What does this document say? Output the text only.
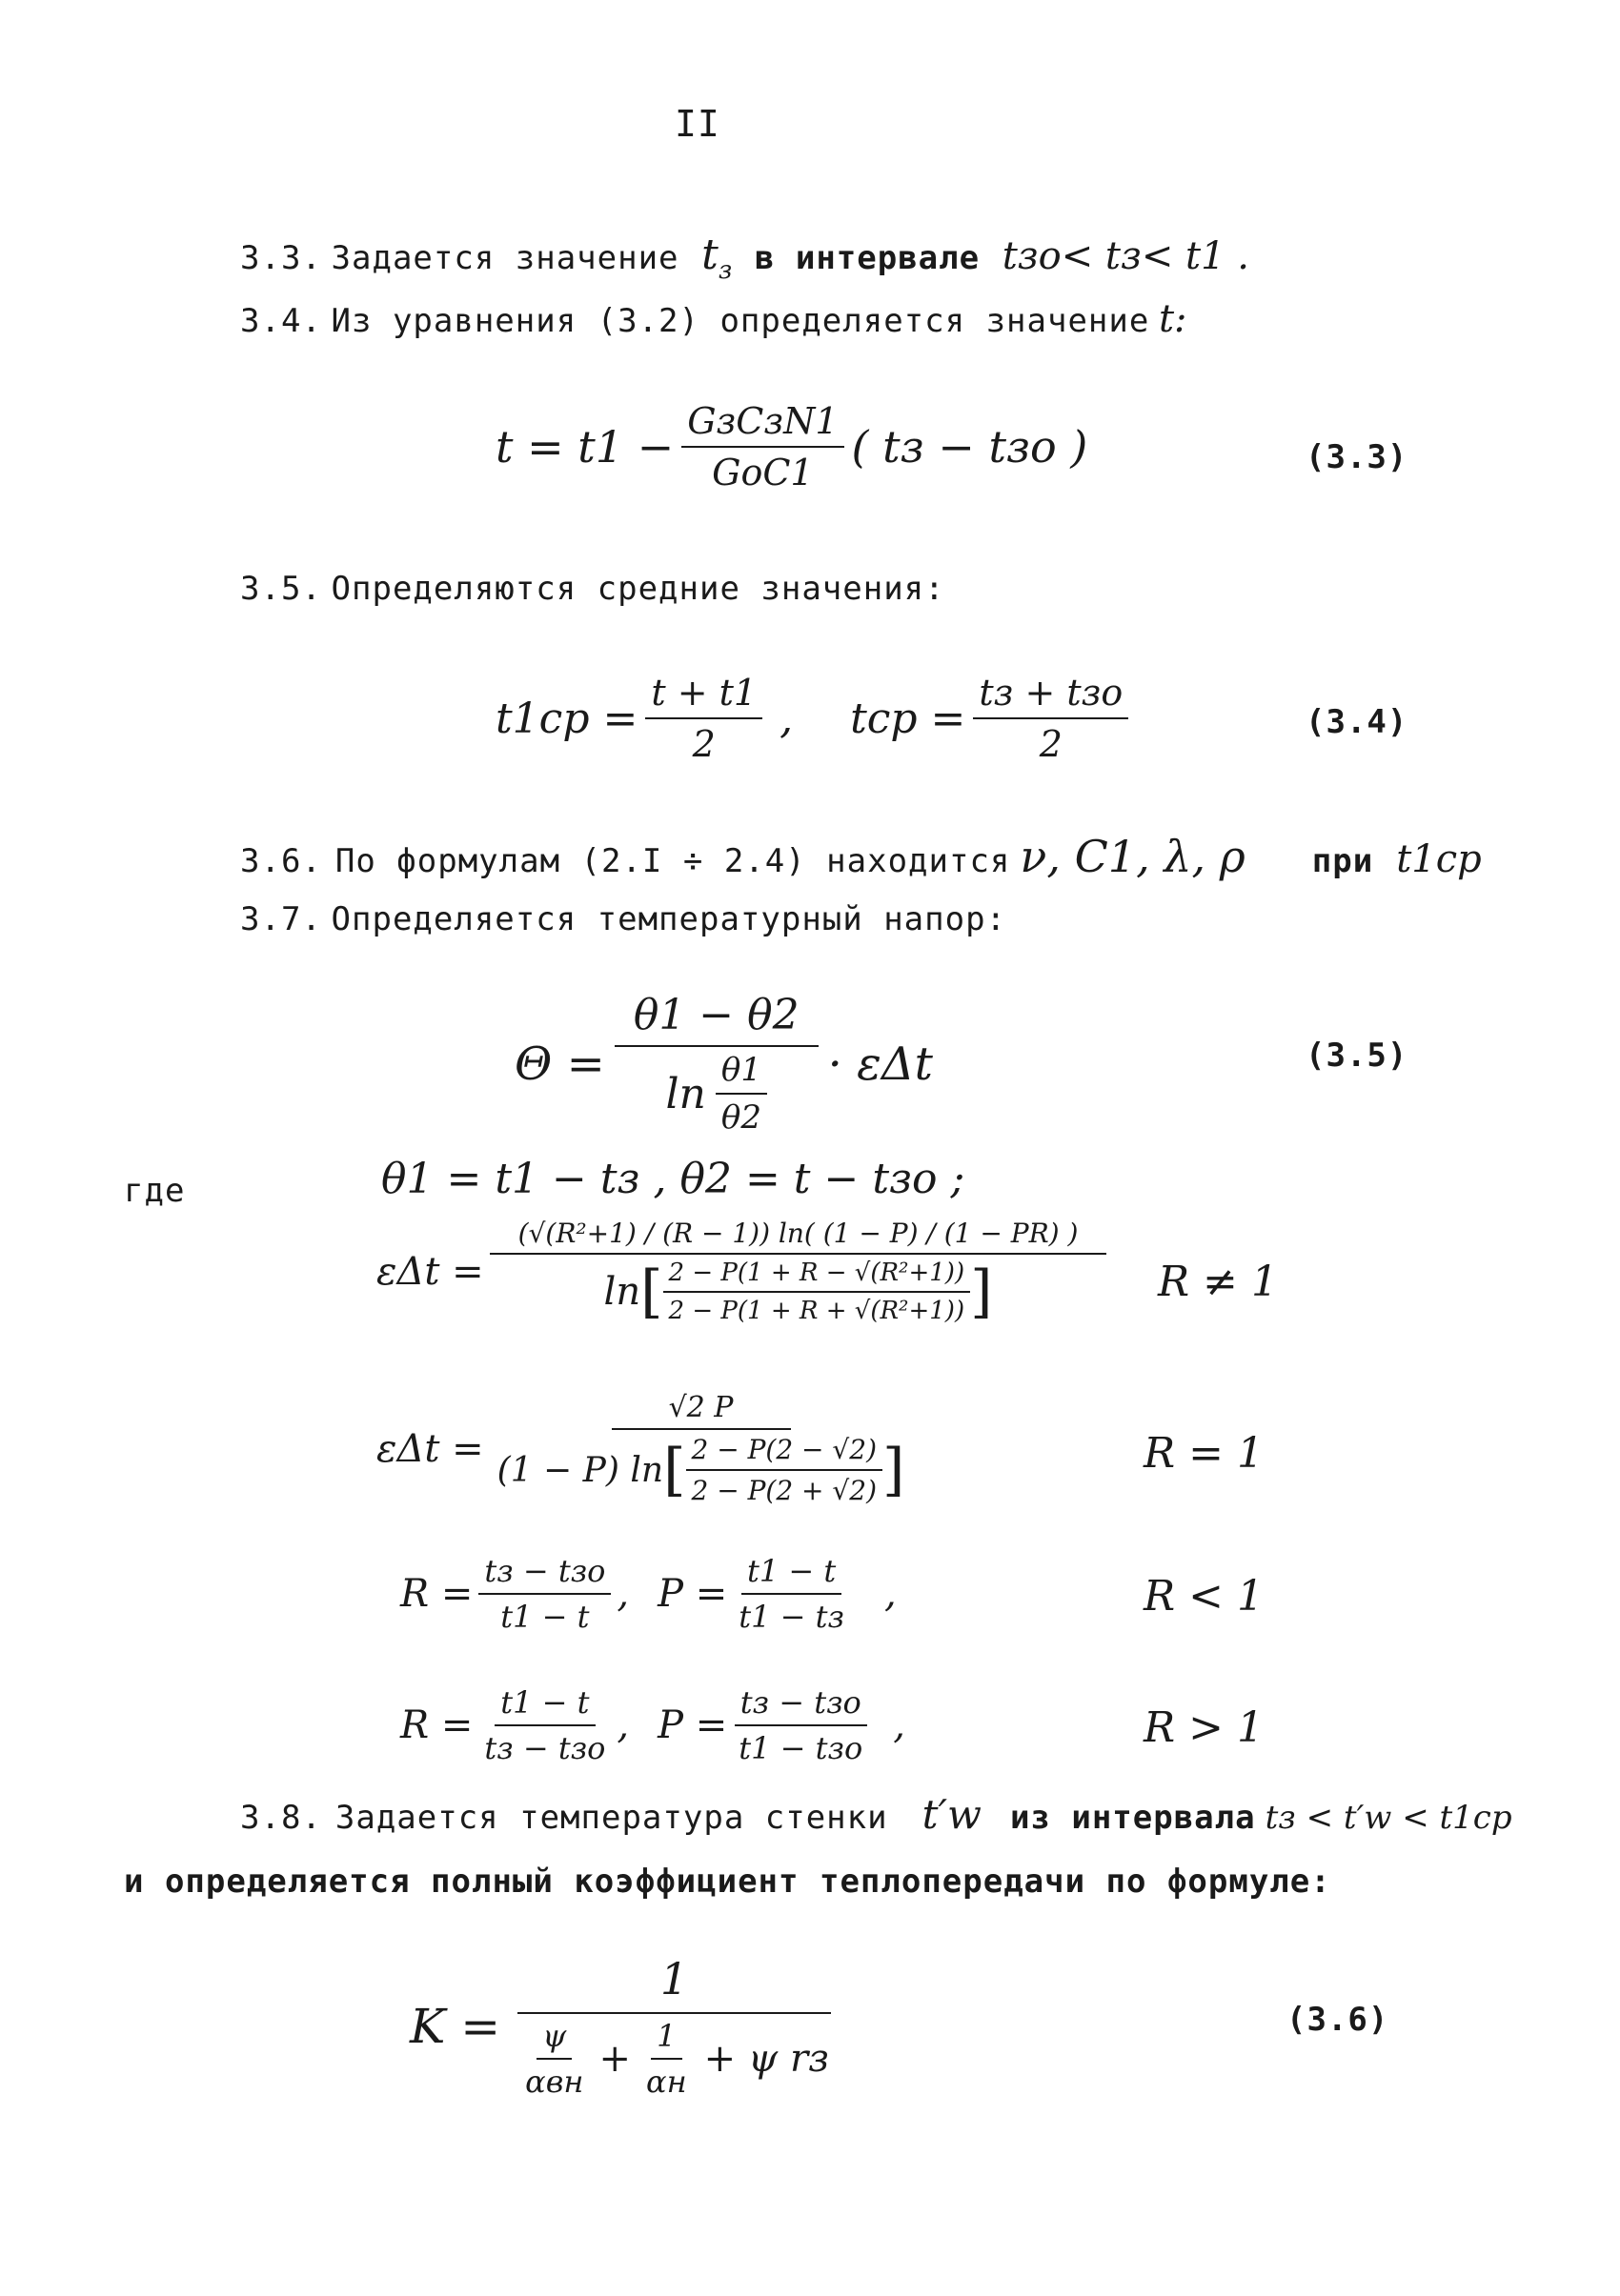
II
3.3. Задается значение $t_з$ в интервале tзо< tз< t1 .
3.4. Из уравнения (3.2) определяется значение t:
$t = t1 - \frac{\text{GзCзN1}}{\text{GoC1}}$ ( tз − tзо )	(3.3)
3.5. Определяются средние значения:
$t1ср = \frac{t + t1}{2}$ , tср = $\frac{\text{tз + tзо}}{2}$	(3.4)
3.6. По формулам (2.I ÷ 2.4) находится ν, C1, λ, ρ при t1ср
3.7. Определяется температурный напор:
$\Theta = \frac{\theta 1 - \theta 2}{\ln \frac{\theta 1}{\theta 2}} \cdot \varepsilon\Delta t$	(3.5)
где	θ1 = t1 − tз , θ2 = t − tзо ;
εΔt =
(√(R²+1) / (R − 1)) ln( (1 − P) / (1 − PR) )
ln [ $\frac{\text{2 − P(1 + R − √(R²+1))}}{\text{2 − P(1 + R + √(R²+1))}}$ ]	R ≠ 1
εΔt =
√2 P
(1 − P) ln [ $\frac{2 - P(2 - √2)}{2 - P(2 + √2)}$ ]	R = 1
$R = \frac{\text{tз − tзо}}{t1 - t}$ , $P = \frac{t1 - t}{t1 - tз}$ ,	R < 1
$R = \frac{t1 - t}{\text{tз − tзо}}$ , $P = \frac{\text{tз − tзо}}{\text{t1 − tзо}}$ ,	R > 1
3.8. Задается температура стенки t′w из интервала tз < t′w < t1ср
и определяется полный коэффициент теплопередачи по формуле:
K =
1
$\frac{\psi}{\text{αвн}} + \frac{1}{\alpha н} + \psi$ rз
(3.6)
